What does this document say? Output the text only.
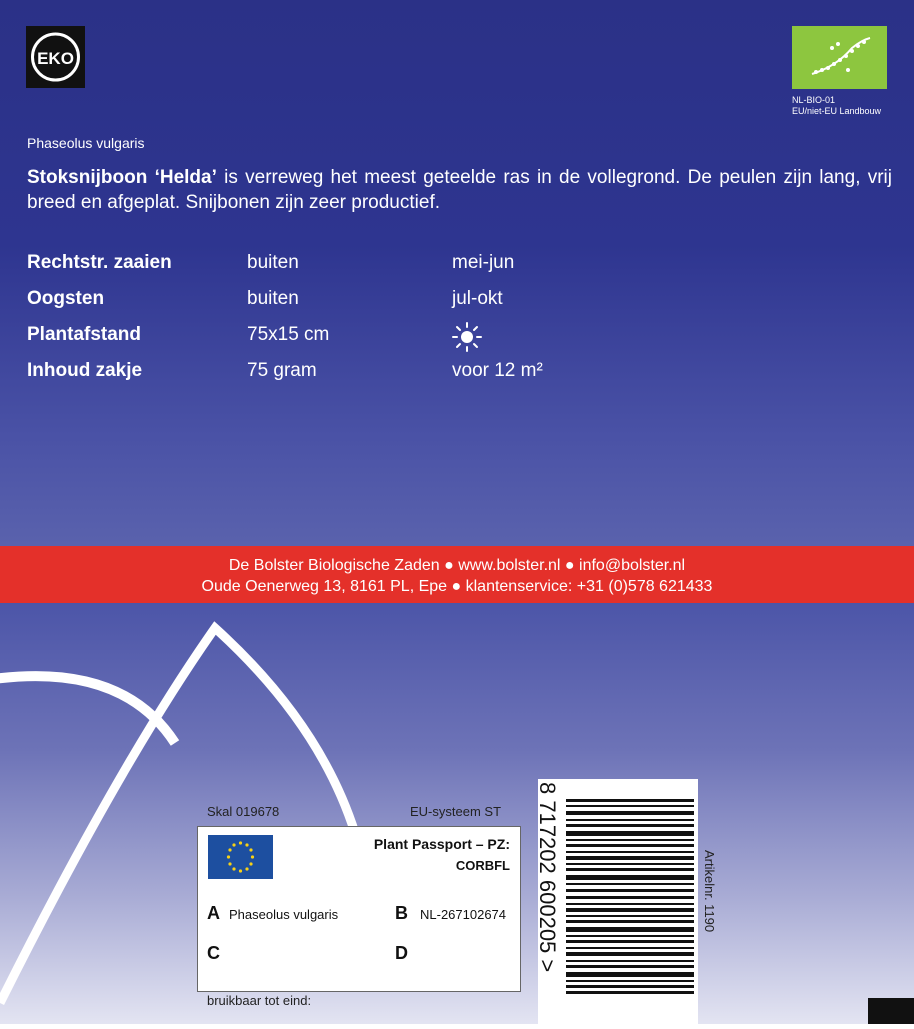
EKO
NL-BIO-01
EU/niet-EU Landbouw
Phaseolus vulgaris
Stoksnijboon ‘Helda’ is verreweg het meest geteelde ras in de vollegrond. De peulen zijn lang, vrij breed en afgeplat. Snijbonen zijn zeer productief.
Rechtstr. zaaien	buiten	mei-jun
Oogsten	buiten	jul-okt
Plantafstand	75x15 cm
Inhoud zakje	75 gram	voor 12 m²
De Bolster Biologische Zaden ● www.bolster.nl ● info@bolster.nl
Oude Oenerweg 13, 8161 PL, Epe ● klantenservice: +31 (0)578 621433
Skal 019678	EU-systeem ST
Plant Passport – PZ:
CORBFL
A Phaseolus vulgaris	B NL-267102674
C	D
bruikbaar tot eind:
8 717202 600205 >	Artikelnr. 1190
